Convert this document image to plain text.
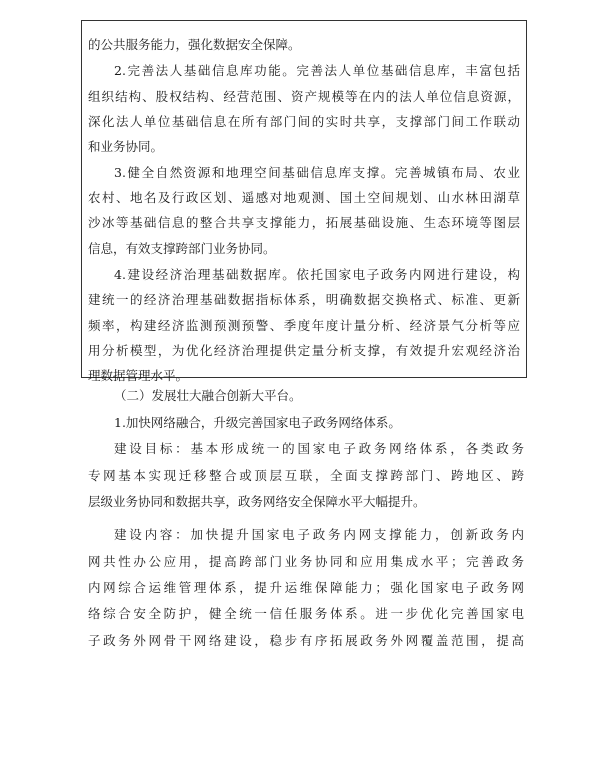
的公共服务能力，强化数据安全保障。
2.完善法人基础信息库功能。完善法人单位基础信息库，丰富包括
组织结构、股权结构、经营范围、资产规模等在内的法人单位信息资源，
深化法人单位基础信息在所有部门间的实时共享，支撑部门间工作联动
和业务协同。
3.健全自然资源和地理空间基础信息库支撑。完善城镇布局、农业
农村、地名及行政区划、遥感对地观测、国土空间规划、山水林田湖草
沙冰等基础信息的整合共享支撑能力，拓展基础设施、生态环境等图层
信息，有效支撑跨部门业务协同。
4.建设经济治理基础数据库。依托国家电子政务内网进行建设，构
建统一的经济治理基础数据指标体系，明确数据交换格式、标准、更新
频率，构建经济监测预测预警、季度年度计量分析、经济景气分析等应
用分析模型，为优化经济治理提供定量分析支撑，有效提升宏观经济治
理数据管理水平。
（二）发展壮大融合创新大平台。
1.加快网络融合，升级完善国家电子政务网络体系。
建设目标：基本形成统一的国家电子政务网络体系，各类政务
专网基本实现迁移整合或顶层互联，全面支撑跨部门、跨地区、跨
层级业务协同和数据共享，政务网络安全保障水平大幅提升。
建设内容：加快提升国家电子政务内网支撑能力，创新政务内
网共性办公应用，提高跨部门业务协同和应用集成水平；完善政务
内网综合运维管理体系，提升运维保障能力；强化国家电子政务网
络综合安全防护，健全统一信任服务体系。进一步优化完善国家电
子政务外网骨干网络建设，稳步有序拓展政务外网覆盖范围，提高
